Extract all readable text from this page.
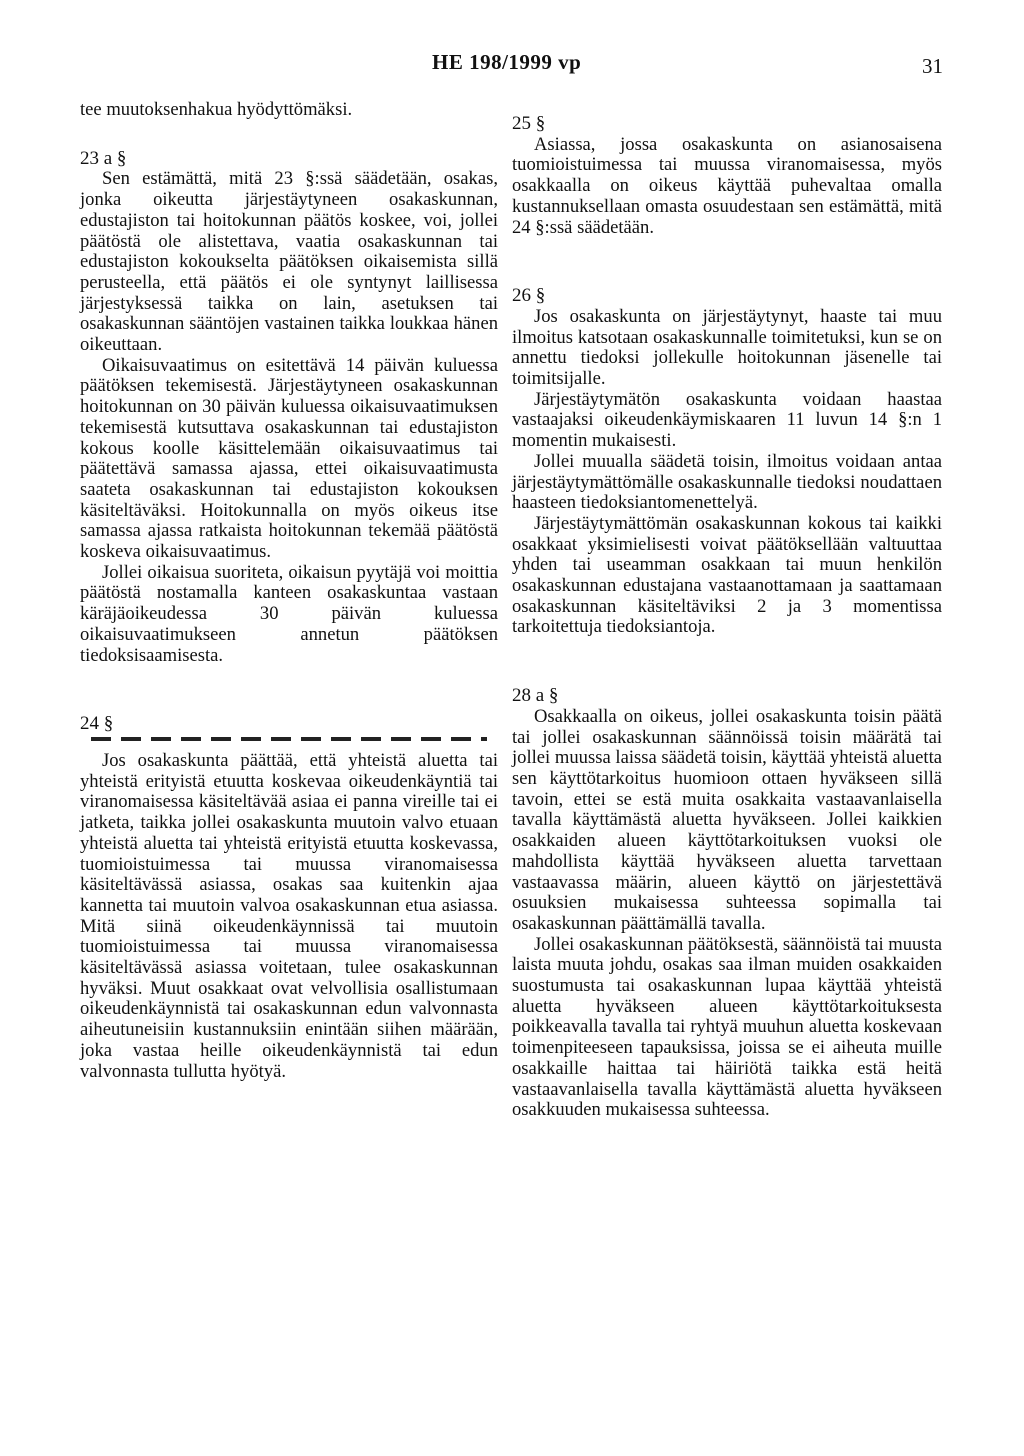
HE 198/1999 vp	31

tee muutoksenhakua hyödyttömäksi.

23 a §

Sen estämättä, mitä 23 §:ssä säädetään, osakas, jonka oikeutta järjestäytyneen osakaskunnan, edustajiston tai hoitokunnan päätös koskee, voi, jollei päätöstä ole alistettava, vaatia osakaskunnan tai edustajiston kokoukselta päätöksen oikaisemista sillä perusteella, että päätös ei ole syntynyt laillisessa järjestyksessä taikka on lain, asetuksen tai osakaskunnan sääntöjen vastainen taikka loukkaa hänen oikeuttaan.

Oikaisuvaatimus on esitettävä 14 päivän kuluessa päätöksen tekemisestä. Järjestäytyneen osakaskunnan hoitokunnan on 30 päivän kuluessa oikaisuvaatimuksen tekemisestä kutsuttava osakaskunnan tai edustajiston kokous koolle käsittelemään oikaisuvaatimus tai päätettävä samassa ajassa, ettei oikaisuvaatimusta saateta osakaskunnan tai edustajiston kokouksen käsiteltäväksi. Hoitokunnalla on myös oikeus itse samassa ajassa ratkaista hoitokunnan tekemää päätöstä koskeva oikaisuvaatimus.

Jollei oikaisua suoriteta, oikaisun pyytäjä voi moittia päätöstä nostamalla kanteen osakaskuntaa vastaan käräjäoikeudessa 30 päivän kuluessa oikaisuvaatimukseen annetun päätöksen tiedoksisaamisesta.

24 §

Jos osakaskunta päättää, että yhteistä aluetta tai yhteistä erityistä etuutta koskevaa oikeudenkäyntiä tai viranomaisessa käsiteltävää asiaa ei panna vireille tai ei jatketa, taikka jollei osakaskunta muutoin valvo etuaan yhteistä aluetta tai yhteistä erityistä etuutta koskevassa, tuomioistuimessa tai muussa viranomaisessa käsiteltävässä asiassa, osakas saa kuitenkin ajaa kannetta tai muutoin valvoa osakaskunnan etua asiassa. Mitä siinä oikeudenkäynnissä tai muutoin tuomioistuimessa tai muussa viranomaisessa käsiteltävässä asiassa voitetaan, tulee osakaskunnan hyväksi. Muut osakkaat ovat velvollisia osallistumaan oikeudenkäynnistä tai osakaskunnan edun valvonnasta aiheutuneisiin kustannuksiin enintään siihen määrään, joka vastaa heille oikeudenkäynnistä tai edun valvonnasta tullutta hyötyä.

25 §

Asiassa, jossa osakaskunta on asianosaisena tuomioistuimessa tai muussa viranomaisessa, myös osakkaalla on oikeus käyttää puhevaltaa omalla kustannuksellaan omasta osuudestaan sen estämättä, mitä 24 §:ssä säädetään.

26 §

Jos osakaskunta on järjestäytynyt, haaste tai muu ilmoitus katsotaan osakaskunnalle toimitetuksi, kun se on annettu tiedoksi jollekulle hoitokunnan jäsenelle tai toimitsijalle.

Järjestäytymätön osakaskunta voidaan haastaa vastaajaksi oikeudenkäymiskaaren 11 luvun 14 §:n 1 momentin mukaisesti.

Jollei muualla säädetä toisin, ilmoitus voidaan antaa järjestäytymättömälle osakaskunnalle tiedoksi noudattaen haasteen tiedoksiantomenettelyä.

Järjestäytymättömän osakaskunnan kokous tai kaikki osakkaat yksimielisesti voivat päätöksellään valtuuttaa yhden tai useamman osakkaan tai muun henkilön osakaskunnan edustajana vastaanottamaan ja saattamaan osakaskunnan käsiteltäviksi 2 ja 3 momentissa tarkoitettuja tiedoksiantoja.

28 a §

Osakkaalla on oikeus, jollei osakaskunta toisin päätä tai jollei osakaskunnan säännöissä toisin määrätä tai jollei muussa laissa säädetä toisin, käyttää yhteistä aluetta sen käyttötarkoitus huomioon ottaen hyväkseen sillä tavoin, ettei se estä muita osakkaita vastaavanlaisella tavalla käyttämästä aluetta hyväkseen. Jollei kaikkien osakkaiden alueen käyttötarkoituksen vuoksi ole mahdollista käyttää hyväkseen aluetta tarvettaan vastaavassa määrin, alueen käyttö on järjestettävä osuuksien mukaisessa suhteessa sopimalla tai osakaskunnan päättämällä tavalla.

Jollei osakaskunnan päätöksestä, säännöistä tai muusta laista muuta johdu, osakas saa ilman muiden osakkaiden suostumusta tai osakaskunnan lupaa käyttää yhteistä aluetta hyväkseen alueen käyttötarkoituksesta poikkeavalla tavalla tai ryhtyä muuhun aluetta koskevaan toimenpiteeseen tapauksissa, joissa se ei aiheuta muille osakkaille haittaa tai häiriötä taikka estä heitä vastaavanlaisella tavalla käyttämästä aluetta hyväkseen osakkuuden mukaisessa suhteessa.
